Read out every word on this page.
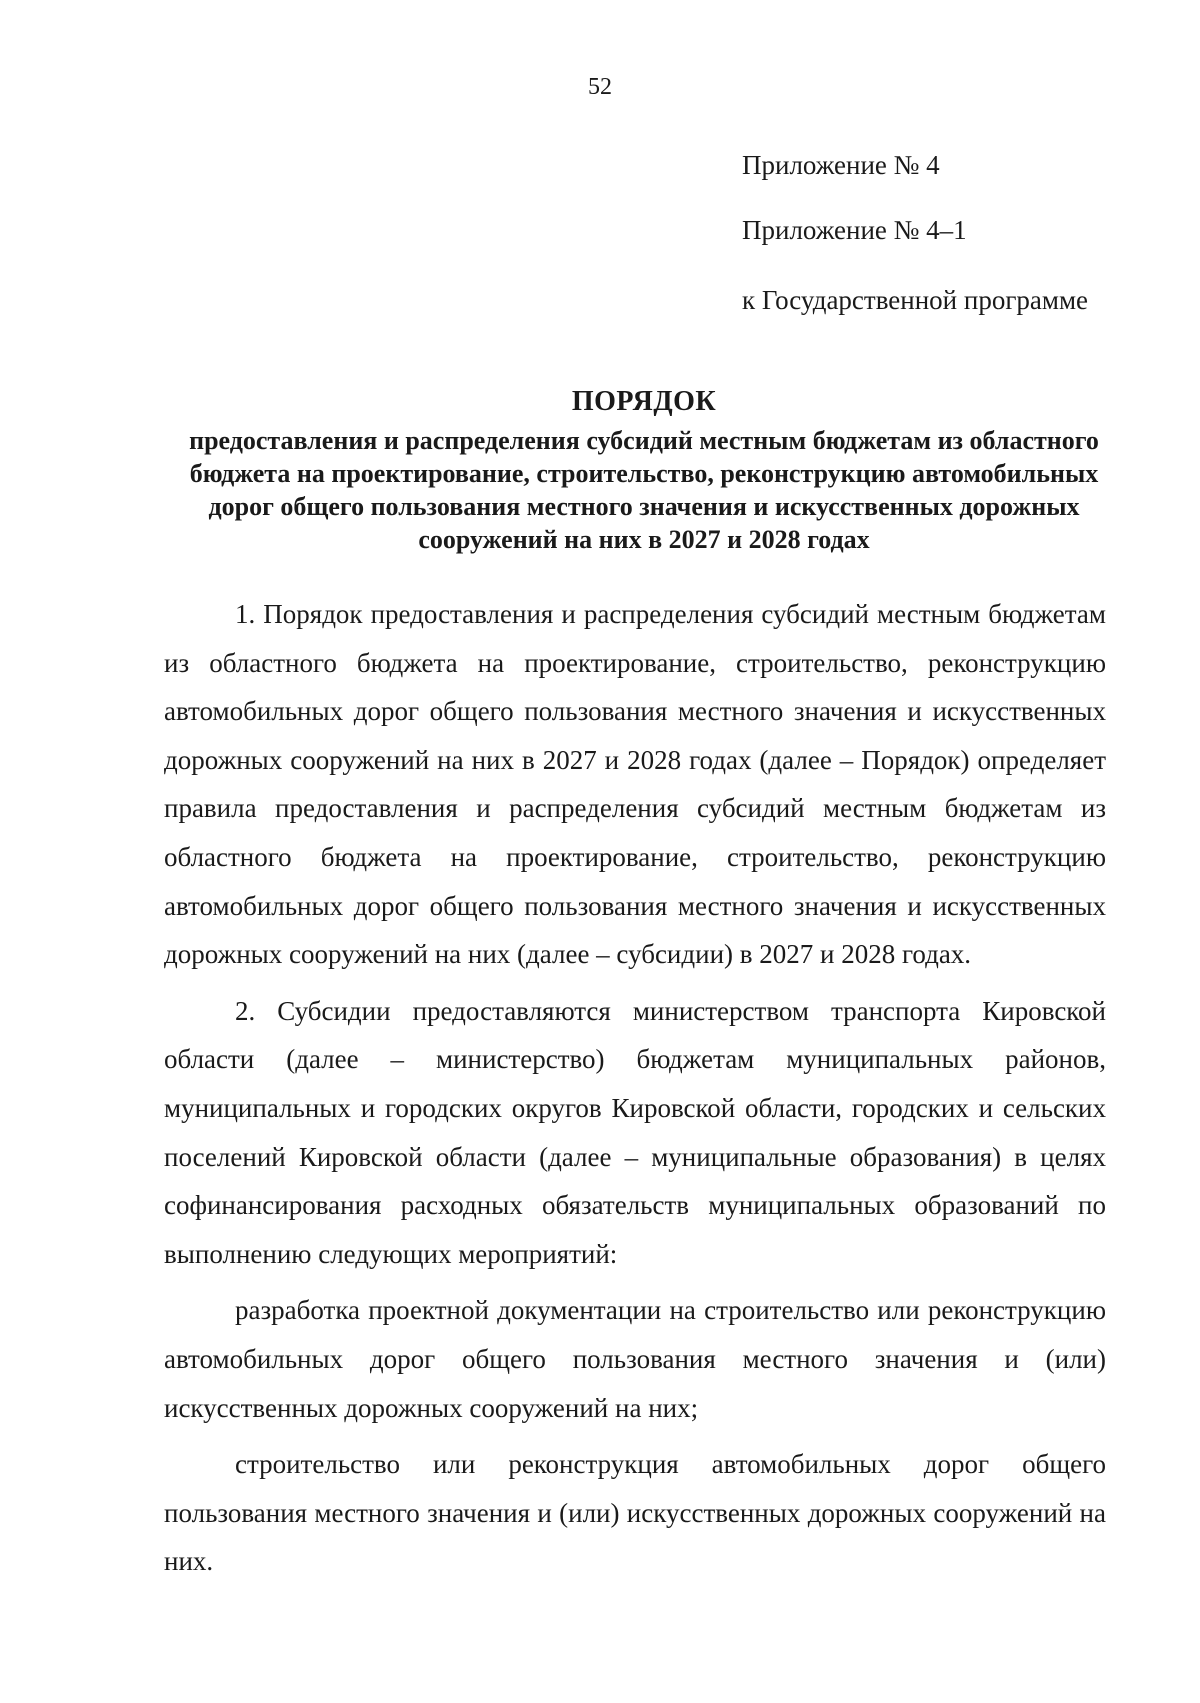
52
Приложение № 4
Приложение № 4–1
к Государственной программе
ПОРЯДОК
предоставления и распределения субсидий местным бюджетам из областного бюджета на проектирование, строительство, реконструкцию автомобильных дорог общего пользования местного значения и искусственных дорожных сооружений на них в 2027 и 2028 годах

1. Порядок предоставления и распределения субсидий местным бюджетам из областного бюджета на проектирование, строительство, реконструкцию автомобильных дорог общего пользования местного значения и искусственных дорожных сооружений на них в 2027 и 2028 годах (далее – Порядок) определяет правила предоставления и распределения субсидий местным бюджетам из областного бюджета на проектирование, строительство, реконструкцию автомобильных дорог общего пользования местного значения и искусственных дорожных сооружений на них (далее – субсидии) в 2027 и 2028 годах.

2. Субсидии предоставляются министерством транспорта Кировской области (далее – министерство) бюджетам муниципальных районов, муниципальных и городских округов Кировской области, городских и сельских поселений Кировской области (далее – муниципальные образования) в целях софинансирования расходных обязательств муниципальных образований по выполнению следующих мероприятий:

разработка проектной документации на строительство или реконструкцию автомобильных дорог общего пользования местного значения и (или) искусственных дорожных сооружений на них;

строительство или реконструкция автомобильных дорог общего пользования местного значения и (или) искусственных дорожных сооружений на них.
